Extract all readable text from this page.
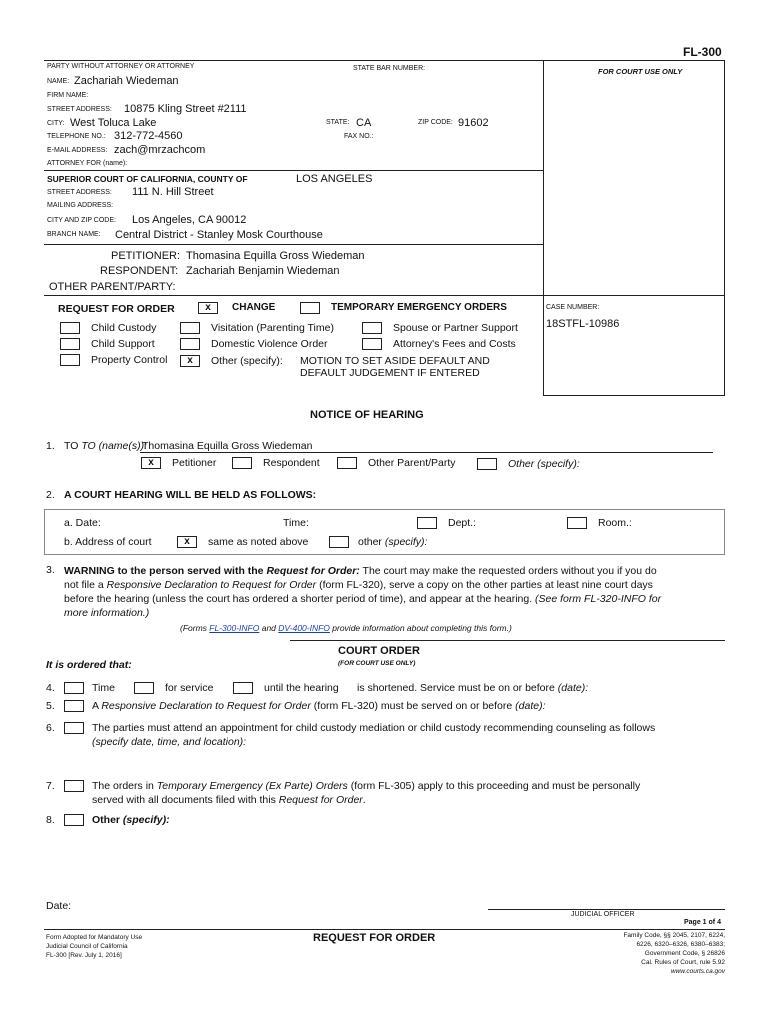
FL-300
FOR COURT USE ONLY
PARTY WITHOUT ATTORNEY OR ATTORNEY	STATE BAR NUMBER:
NAME: Zachariah Wiedeman
FIRM NAME:
STREET ADDRESS: 10875 Kling Street #2111
CITY: West Toluca Lake	STATE: CA	ZIP CODE: 91602
TELEPHONE NO.: 312-772-4560	FAX NO.:
E-MAIL ADDRESS: zach@mrzachcom
ATTORNEY FOR (name):
SUPERIOR COURT OF CALIFORNIA, COUNTY OF	LOS ANGELES
STREET ADDRESS: 111 N. Hill Street
MAILING ADDRESS:
CITY AND ZIP CODE: Los Angeles, CA 90012
BRANCH NAME: Central District - Stanley Mosk Courthouse
PETITIONER: Thomasina Equilla Gross Wiedeman
RESPONDENT: Zachariah Benjamin Wiedeman
OTHER PARENT/PARTY:
REQUEST FOR ORDER	x	CHANGE	TEMPORARY EMERGENCY ORDERS
Child Custody	Visitation (Parenting Time)	Spouse or Partner Support
Child Support	Domestic Violence Order	Attorney's Fees and Costs
Property Control	x	Other (specify): MOTION TO SET ASIDE DEFAULT AND
DEFAULT JUDGEMENT IF ENTERED
CASE NUMBER:
18STFL-10986
NOTICE OF HEARING
1. TO TO (name(s)):
Thomasina Equilla Gross Wiedeman
x	Petitioner	Respondent	Other Parent/Party	Other (specify):
2. A COURT HEARING WILL BE HELD AS FOLLOWS:
a. Date:	Time:	Dept.:	Room.:
b. Address of court	x	same as noted above	other (specify):
3. WARNING to the person served with the Request for Order: The court may make the requested orders without you if you do
not file a Responsive Declaration to Request for Order (form FL-320), serve a copy on the other parties at least nine court days
before the hearing (unless the court has ordered a shorter period of time), and appear at the hearing. (See form FL-320-INFO for
more information.)
(Forms FL-300-INFO and DV-400-INFO provide information about completing this form.)
COURT ORDER
(FOR COURT USE ONLY)
It is ordered that:
4.	Time	for service	until the hearing is shortened. Service must be on or before (date):
5.	A Responsive Declaration to Request for Order (form FL-320) must be served on or before (date):
6.	The parties must attend an appointment for child custody mediation or child custody recommending counseling as follows
(specify date, time, and location):
7.	The orders in Temporary Emergency (Ex Parte) Orders (form FL-305) apply to this proceeding and must be personally
served with all documents filed with this Request for Order.
8.	Other (specify):
Date:
JUDICIAL OFFICER
Page 1 of 4
Form Adopted for Mandatory Use
Judicial Council of California
FL-300 [Rev. July 1, 2016]
REQUEST FOR ORDER	Family Code, §§ 2045, 2107, 6224,
6226, 6320–6326, 6380–6383;
Government Code, § 26826
Cal. Rules of Court, rule 5.92
www.courts.ca.gov
